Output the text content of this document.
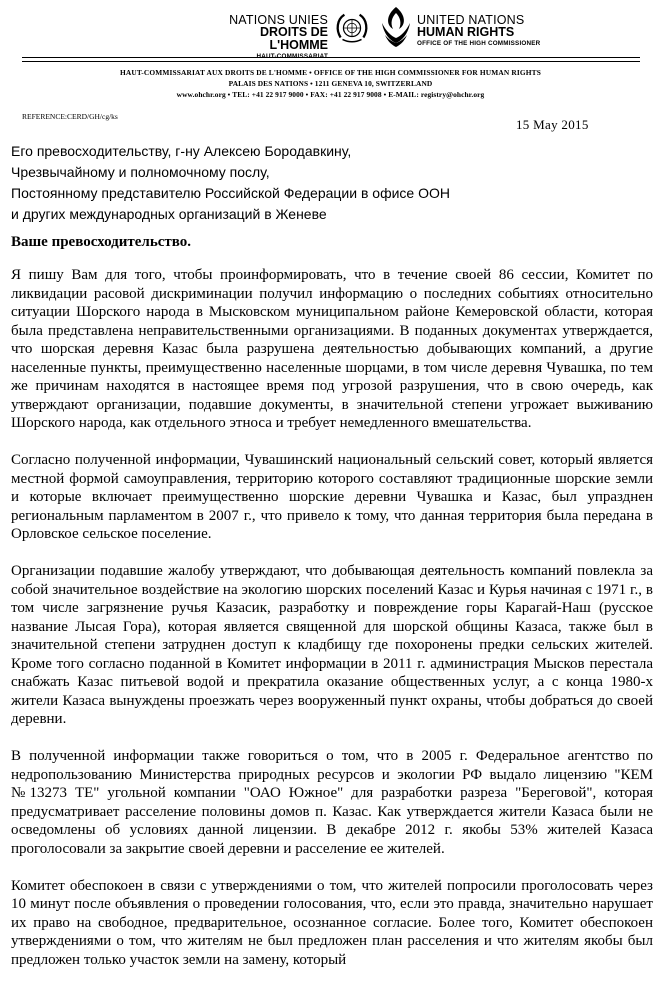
NATIONS UNIES
DROITS DE L'HOMME
HAUT-COMMISSARIAT
UNITED NATIONS
HUMAN RIGHTS
OFFICE OF THE HIGH COMMISSIONER
HAUT-COMMISSARIAT AUX DROITS DE L'HOMME • OFFICE OF THE HIGH COMMISSIONER FOR HUMAN RIGHTS
PALAIS DES NATIONS • 1211 GENEVA 10, SWITZERLAND
www.ohchr.org • TEL: +41 22 917 9000 • FAX: +41 22 917 9008 • E-MAIL: registry@ohchr.org
REFERENCE:CERD/GH/cg/ks
15 May 2015
Его превосходительству, г-ну Алексею Бородавкину,
Чрезвычайному и полномочному послу,
Постоянному представителю Российской Федерации в офисе ООН
и других международных организаций в Женеве
Ваше превосходительство.

Я пишу Вам для того, чтобы проинформировать, что в течение своей 86 сессии, Комитет по ликвидации расовой дискриминации получил информацию о последних событиях относительно ситуации Шорского народа в Мысковском муниципальном районе Кемеровской области, которая была представлена неправительственными организациями. В поданных документах утверждается, что шорская деревня Казас была разрушена деятельностью добывающих компаний, а другие населенные пункты, преимущественно населенные шорцами, в том числе деревня Чувашка, по тем же причинам находятся в настоящее время под угрозой разрушения, что в свою очередь, как утверждают организации, подавшие документы, в значительной степени угрожает выживанию Шорского народа, как отдельного этноса и требует немедленного вмешательства.

Согласно полученной информации, Чувашинский национальный сельский совет, который является местной формой самоуправления, территорию которого составляют традиционные шорские земли и которые включает преимущественно шорские деревни Чувашка и Казас, был упразднен региональным парламентом в 2007 г., что привело к тому, что данная территория была передана в Орловское сельское поселение.

Организации подавшие жалобу утверждают, что добывающая деятельность компаний повлекла за собой значительное воздействие на экологию шорских поселений Казас и Курья начиная с 1971 г., в том числе загрязнение ручья Казасик, разработку и повреждение горы Карагай-Наш (русское название Лысая Гора), которая является священной для шорской общины Казаса, также был в значительной степени затруднен доступ к кладбищу где похоронены предки сельских жителей. Кроме того согласно поданной в Комитет информации в 2011 г. администрация Мысков перестала снабжать Казас питьевой водой и прекратила оказание общественных услуг, а с конца 1980-х жители Казаса вынуждены проезжать через вооруженный пункт охраны, чтобы добраться до своей деревни.

В полученной информации также говориться о том, что в 2005 г. Федеральное агентство по недропользованию Министерства природных ресурсов и экологии РФ выдало лицензию "КЕМ №13273 ТЕ" угольной компании "ОАО Южное" для разработки разреза "Береговой", которая предусматривает расселение половины домов п. Казас. Как утверждается жители Казаса были не осведомлены об условиях данной лицензии. В декабре 2012 г. якобы 53% жителей Казаса проголосовали за закрытие своей деревни и расселение ее жителей.

Комитет обеспокоен в связи с утверждениями о том, что жителей попросили проголосовать через 10 минут после объявления о проведении голосования, что, если это правда, значительно нарушает их право на свободное, предварительное, осознанное согласие. Более того, Комитет обеспокоен утверждениями о том, что жителям не был предложен план расселения и что жителям якобы был предложен только участок земли на замену, который
